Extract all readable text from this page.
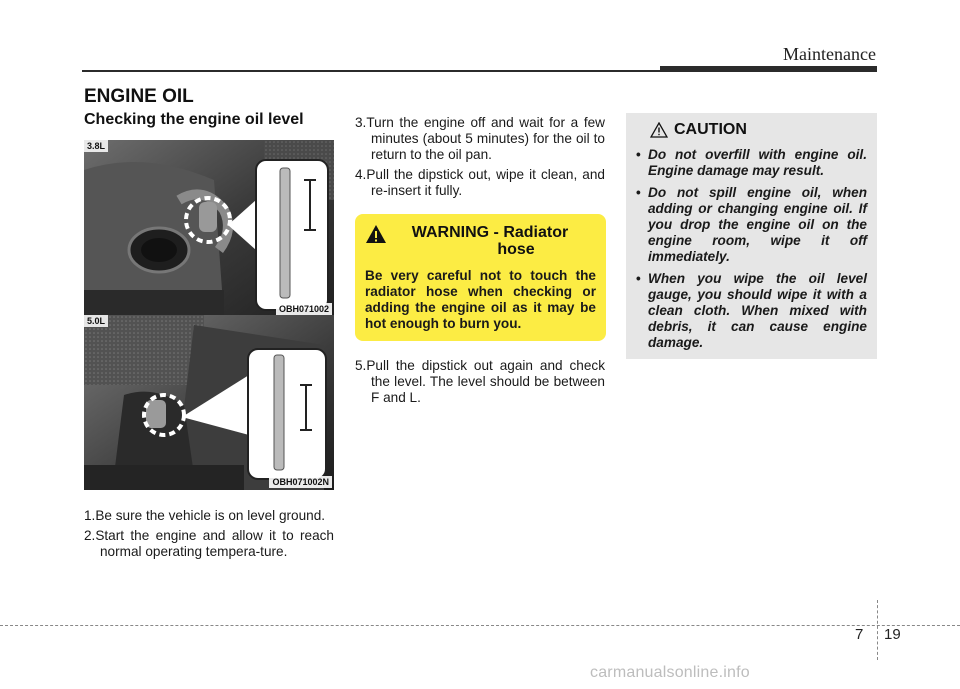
Maintenance
ENGINE OIL
Checking the engine oil level
3.8L
OBH071002
5.0L
OBH071002N

1.Be sure the vehicle is on level ground.

2.Start the engine and allow it to reach normal operating tempera-ture.

3.Turn the engine off and wait for a few minutes (about 5 minutes) for the oil to return to the oil pan.

4.Pull the dipstick out, wipe it clean, and re-insert it fully.

5.Pull the dipstick out again and check the level. The level should be between F and L.

WARNING - Radiator
hose
Be very careful not to touch the radiator hose when checking or adding the engine oil as it may be hot enough to burn you.
CAUTION
• Do not overfill with engine oil. Engine damage may result.
• Do not spill engine oil, when adding or changing engine oil. If you drop the engine oil on the engine room, wipe it off immediately.
• When you wipe the oil level gauge, you should wipe it with a clean cloth. When mixed with debris, it can cause engine damage.
7 19
carmanualsonline.info
